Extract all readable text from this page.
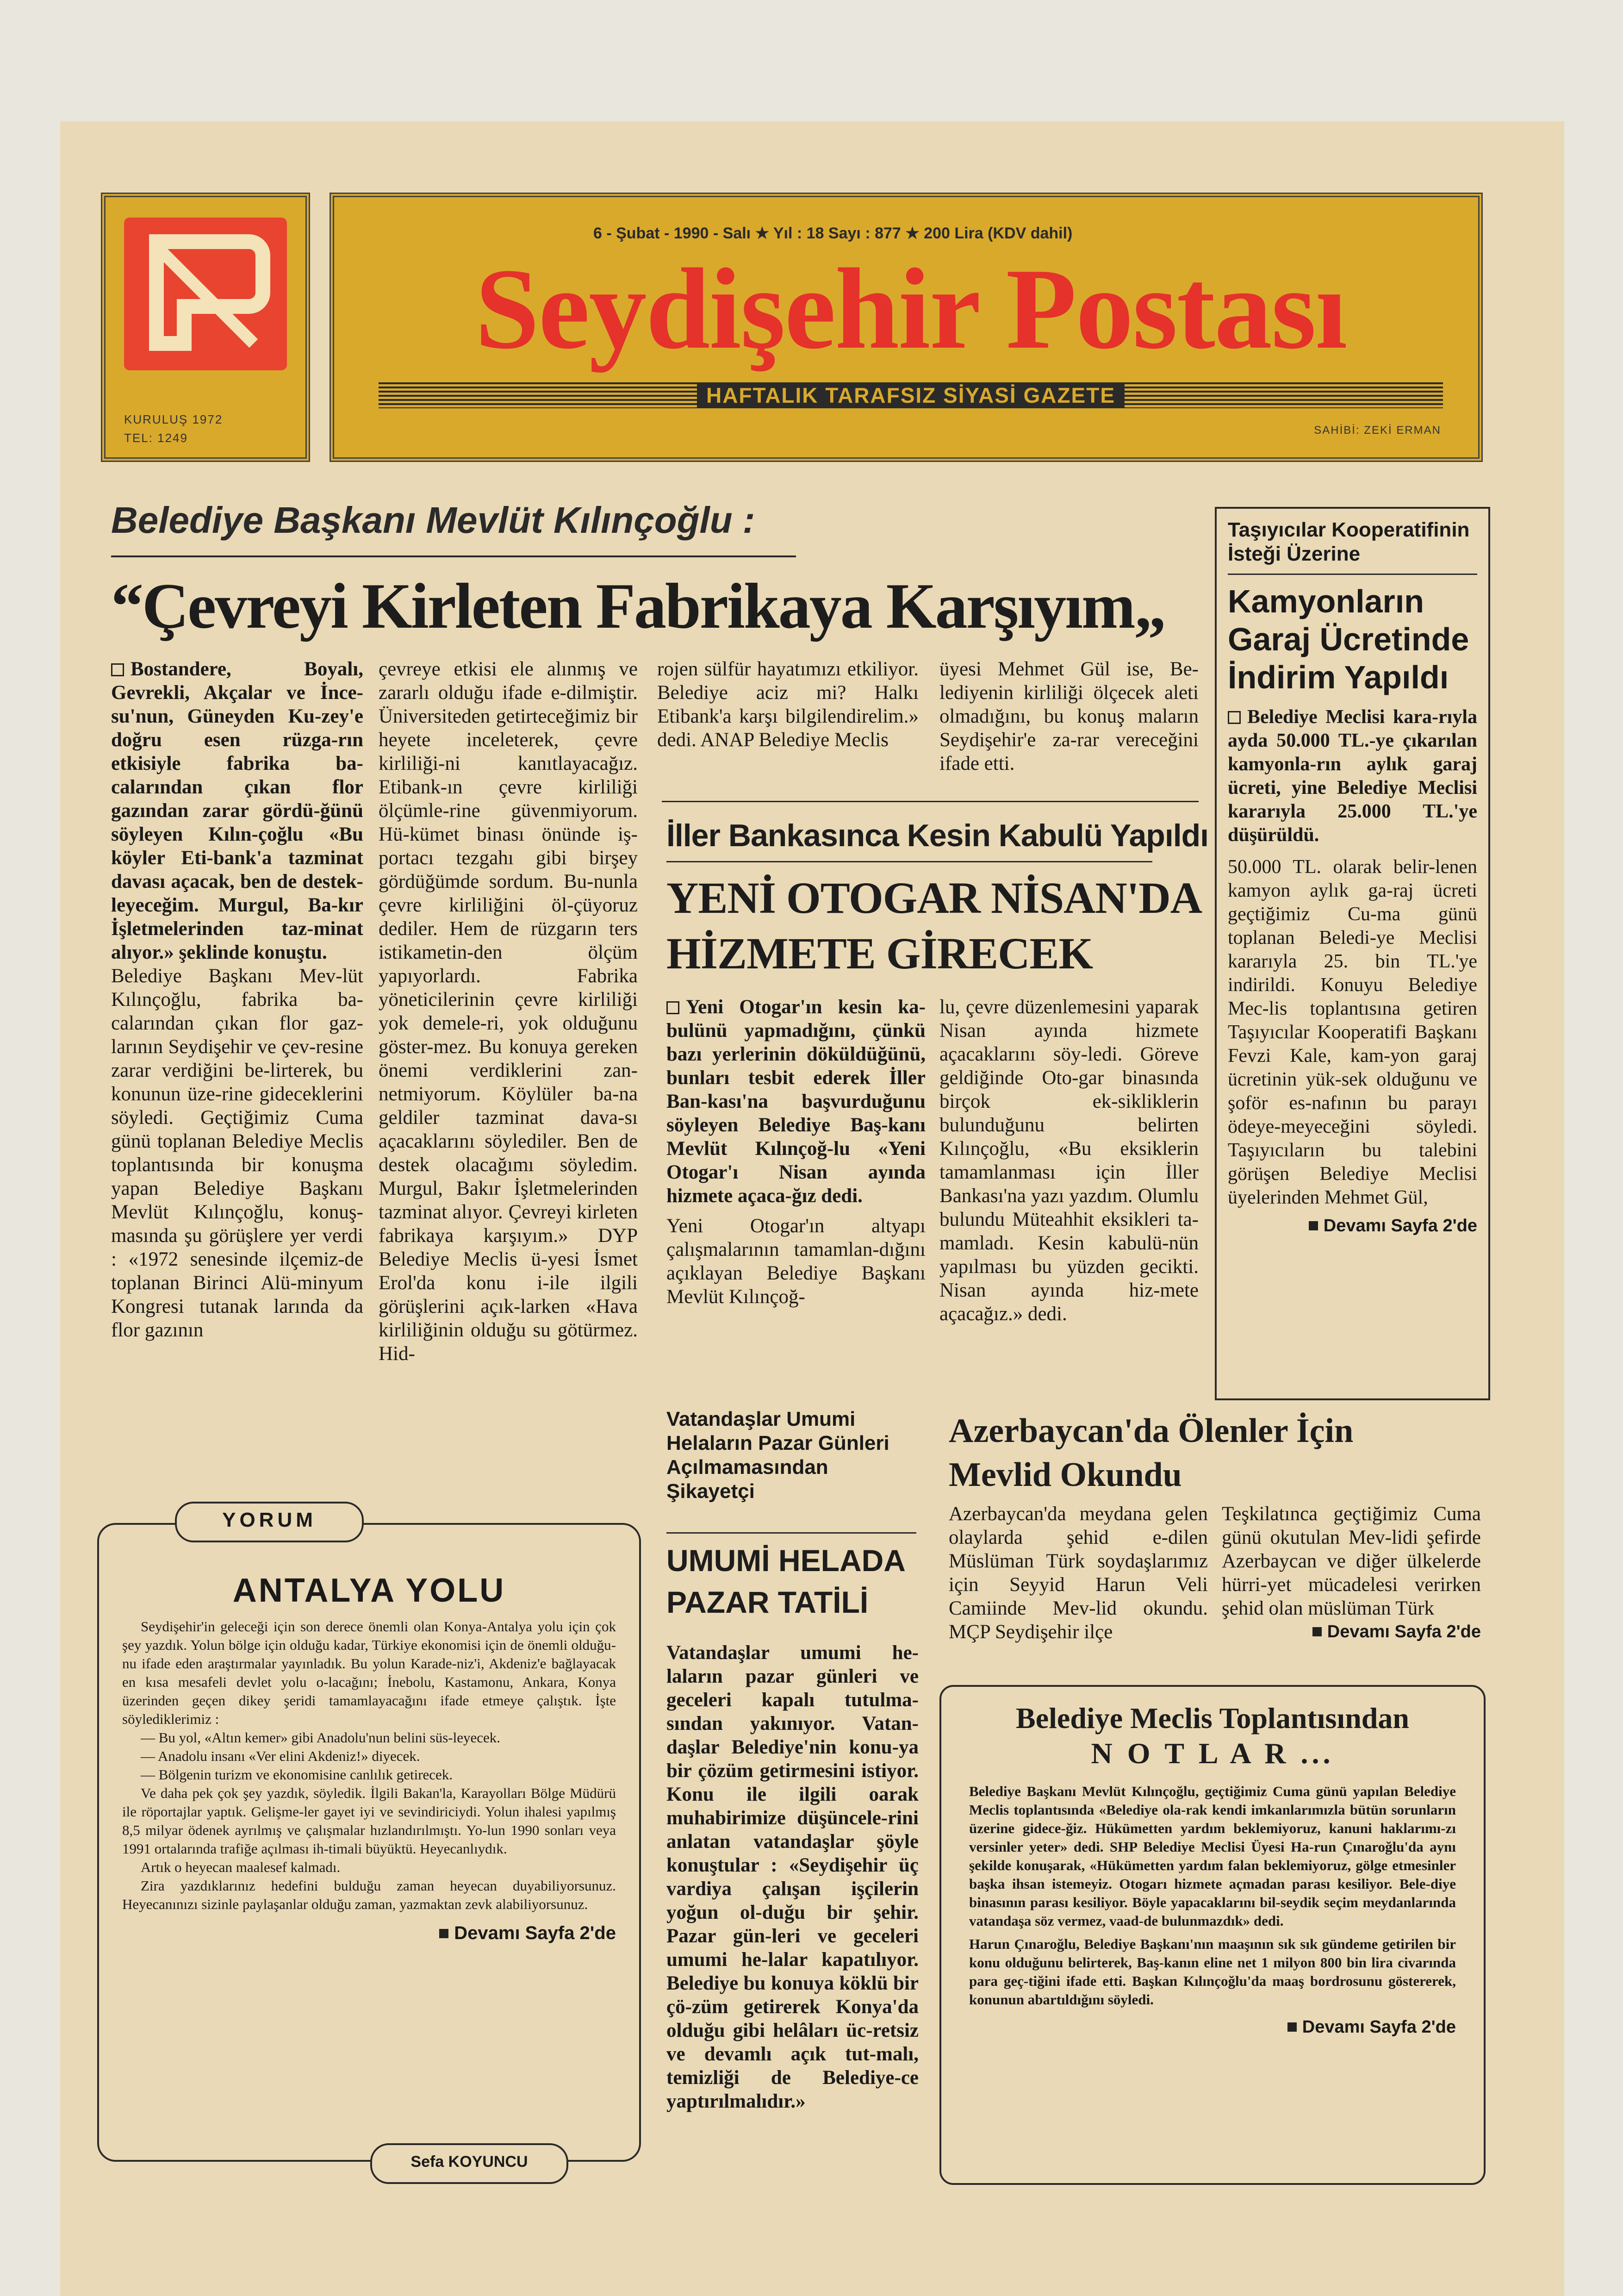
KURULUŞ 1972
TEL: 1249
6 - Şubat - 1990 - Salı ★ Yıl : 18 Sayı : 877 ★ 200 Lira (KDV dahil)
Seydişehir Postası
HAFTALIK TARAFSIZ SİYASİ GAZETE
SAHİBİ: ZEKİ ERMAN
Belediye Başkanı Mevlüt Kılınçoğlu :
“Çevreyi Kirleten Fabrikaya Karşıyım„

Bostandere, Boyalı, Gevrekli, Akçalar ve İnce-su'nun, Güneyden Ku-zey'e doğru esen rüzga-rın etkisiyle fabrika ba-calarından çıkan flor gazından zarar gördü-ğünü söyleyen Kılın-çoğlu «Bu köyler Eti-bank'a tazminat davası açacak, ben de destek-leyeceğim. Murgul, Ba-kır İşletmelerinden taz-minat alıyor.» şeklinde konuştu.

Belediye Başkanı Mev-lüt Kılınçoğlu, fabrika ba-calarından çıkan flor gaz-larının Seydişehir ve çev-resine zarar verdiğini be-lirterek, bu konunun üze-rine gideceklerini söyledi. Geçtiğimiz Cuma günü toplanan Belediye Meclis toplantısında bir konuşma yapan Belediye Başkanı Mevlüt Kılınçoğlu, konuş-masında şu görüşlere yer verdi : «1972 senesinde ilçemiz-de toplanan Birinci Alü-minyum Kongresi tutanak larında da flor gazının

çevreye etkisi ele alınmış ve zararlı olduğu ifade e-dilmiştir. Üniversiteden getirteceğimiz bir heyete inceleterek, çevre kirliliği-ni kanıtlayacağız. Etibank-ın çevre kirliliği ölçümle-rine güvenmiyorum. Hü-kümet binası önünde iş-portacı tezgahı gibi birşey gördüğümde sordum. Bu-nunla çevre kirliliğini öl-çüyoruz dediler. Hem de rüzgarın ters istikametin-den ölçüm yapıyorlardı. Fabrika yöneticilerinin çevre kirliliği yok demele-ri, yok olduğunu göster-mez. Bu konuya gereken önemi verdiklerini zan-netmiyorum. Köylüler ba-na geldiler tazminat dava-sı açacaklarını söylediler. Ben de destek olacağımı söyledim. Murgul, Bakır İşletmelerinden tazminat alıyor. Çevreyi kirleten fabrikaya karşıyım.» DYP Belediye Meclis ü-yesi İsmet Erol'da konu i-ile ilgili görüşlerini açık-larken «Hava kirliliğinin olduğu su götürmez. Hid-

rojen sülfür hayatımızı etkiliyor. Belediye aciz mi? Halkı Etibank'a karşı bilgilendirelim.» dedi. ANAP Belediye Meclis

üyesi Mehmet Gül ise, Be-lediyenin kirliliği ölçecek aleti olmadığını, bu konuş maların Seydişehir'e za-rar vereceğini ifade etti.

İller Bankasınca Kesin Kabulü Yapıldı
YENİ OTOGAR NİSAN'DA
HİZMETE GİRECEK

Yeni Otogar'ın kesin ka-bulünü yapmadığını, çünkü bazı yerlerinin döküldüğünü, bunları tesbit ederek İller Ban-kası'na başvurduğunu söyleyen Belediye Baş-kanı Mevlüt Kılınçoğ-lu «Yeni Otogar'ı Nisan ayında hizmete açaca-ğız dedi.

Yeni Otogar'ın altyapı çalışmalarının tamamlan-dığını açıklayan Belediye Başkanı Mevlüt Kılınçoğ-

lu, çevre düzenlemesini yaparak Nisan ayında hizmete açacaklarını söy-ledi. Göreve geldiğinde Oto-gar binasında birçok ek-sikliklerin bulunduğunu belirten Kılınçoğlu, «Bu eksiklerin tamamlanması için İller Bankası'na yazı yazdım. Olumlu bulundu Müteahhit eksikleri ta-mamladı. Kesin kabulü-nün yapılması bu yüzden gecikti. Nisan ayında hiz-mete açacağız.» dedi.

Taşıyıcılar Kooperatifinin İsteği Üzerine
Kamyonların Garaj Ücretinde İndirim Yapıldı
Belediye Meclisi kara-rıyla ayda 50.000 TL.-ye çıkarılan kamyonla-rın aylık garaj ücreti, yine Belediye Meclisi kararıyla 25.000 TL.'ye düşürüldü.
50.000 TL. olarak belir-lenen kamyon aylık ga-raj ücreti geçtiğimiz Cu-ma günü toplanan Beledi-ye Meclisi kararıyla 25. bin TL.'ye indirildi. Konuyu Belediye Mec-lis toplantısına getiren Taşıyıcılar Kooperatifi Başkanı Fevzi Kale, kam-yon garaj ücretinin yük-sek olduğunu ve şoför es-nafının bu parayı ödeye-meyeceğini söyledi. Taşıyıcıların bu talebini görüşen Belediye Meclisi üyelerinden Mehmet Gül,
Devamı Sayfa 2'de
Azerbaycan'da Ölenler İçin
Mevlid Okundu

Azerbaycan'da meydana gelen olaylarda şehid e-dilen Müslüman Türk soydaşlarımız için Seyyid Harun Veli Camiinde Mev-lid okundu. MÇP Seydişehir ilçe

Teşkilatınca geçtiğimiz Cuma günü okutulan Mev-lidi şefirde Azerbaycan ve diğer ülkelerde hürri-yet mücadelesi verirken şehid olan müslüman Türk

Devamı Sayfa 2'de

Belediye Meclis Toplantısından
N O T L A R ...
Belediye Başkanı Mevlüt Kılınçoğlu, geçtiğimiz Cuma günü yapılan Belediye Meclis toplantısında «Belediye ola-rak kendi imkanlarımızla bütün sorunların üzerine gidece-ğiz. Hükümetten yardım beklemiyoruz, kanuni haklarımı-zı versinler yeter» dedi. SHP Belediye Meclisi Üyesi Ha-run Çınaroğlu'da aynı şekilde konuşarak, «Hükümetten yardım falan beklemiyoruz, gölge etmesinler başka ihsan istemeyiz. Otogarı hizmete açmadan parası kesiliyor. Bele-diye binasının parası kesiliyor. Böyle yapacaklarını bil-seydik seçim meydanlarında vatandaşa söz vermez, vaad-de bulunmazdık» dedi.
Harun Çınaroğlu, Belediye Başkanı'nın maaşının sık sık gündeme getirilen bir konu olduğunu belirterek, Baş-kanın eline net 1 milyon 800 bin lira civarında para geç-tiğini ifade etti. Başkan Kılınçoğlu'da maaş bordrosunu göstererek, konunun abartıldığını söyledi.
Devamı Sayfa 2'de
Vatandaşlar Umumi Helaların Pazar Günleri Açılmamasından Şikayetçi
UMUMİ HELADA
PAZAR TATİLİ

Vatandaşlar umumi he-laların pazar günleri ve geceleri kapalı tutulma-sından yakınıyor. Vatan-daşlar Belediye'nin konu-ya bir çözüm getirmesini istiyor. Konu ile ilgili oarak muhabirimize düşüncele-rini anlatan vatandaşlar şöyle konuştular : «Seydişehir üç vardiya çalışan işçilerin yoğun ol-duğu bir şehir. Pazar gün-leri ve geceleri umumi he-lalar kapatılıyor. Belediye bu konuya köklü bir çö-züm getirerek Konya'da olduğu gibi helâları üc-retsiz ve devamlı açık tut-malı, temizliği de Belediye-ce yaptırılmalıdır.»

ANTALYA YOLU
Seydişehir'in geleceği için son derece önemli olan Konya-Antalya yolu için çok şey yazdık. Yolun bölge için olduğu kadar, Türkiye ekonomisi için de önemli olduğu-nu ifade eden araştırmalar yayınladık. Bu yolun Karade-niz'i, Akdeniz'e bağlayacak en kısa mesafeli devlet yolu o-lacağını; İnebolu, Kastamonu, Ankara, Konya üzerinden geçen dikey şeridi tamamlayacağını ifade etmeye çalıştık. İşte söylediklerimiz :
— Bu yol, «Altın kemer» gibi Anadolu'nun belini süs-leyecek.
— Anadolu insanı «Ver elini Akdeniz!» diyecek.
— Bölgenin turizm ve ekonomisine canlılık getirecek.
Ve daha pek çok şey yazdık, söyledik. İlgili Bakan'la, Karayolları Bölge Müdürü ile röportajlar yaptık. Gelişme-ler gayet iyi ve sevindiriciydi. Yolun ihalesi yapılmış 8,5 milyar ödenek ayrılmış ve çalışmalar hızlandırılmıştı. Yo-lun 1990 sonları veya 1991 ortalarında trafiğe açılması ih-timali büyüktü. Heyecanlıydık.
Artık o heyecan maalesef kalmadı.
Zira yazdıklarınız hedefini bulduğu zaman heyecan duyabiliyorsunuz. Heyecanınızı sizinle paylaşanlar olduğu zaman, yazmaktan zevk alabiliyorsunuz.
Devamı Sayfa 2'de
YORUM
Sefa KOYUNCU
